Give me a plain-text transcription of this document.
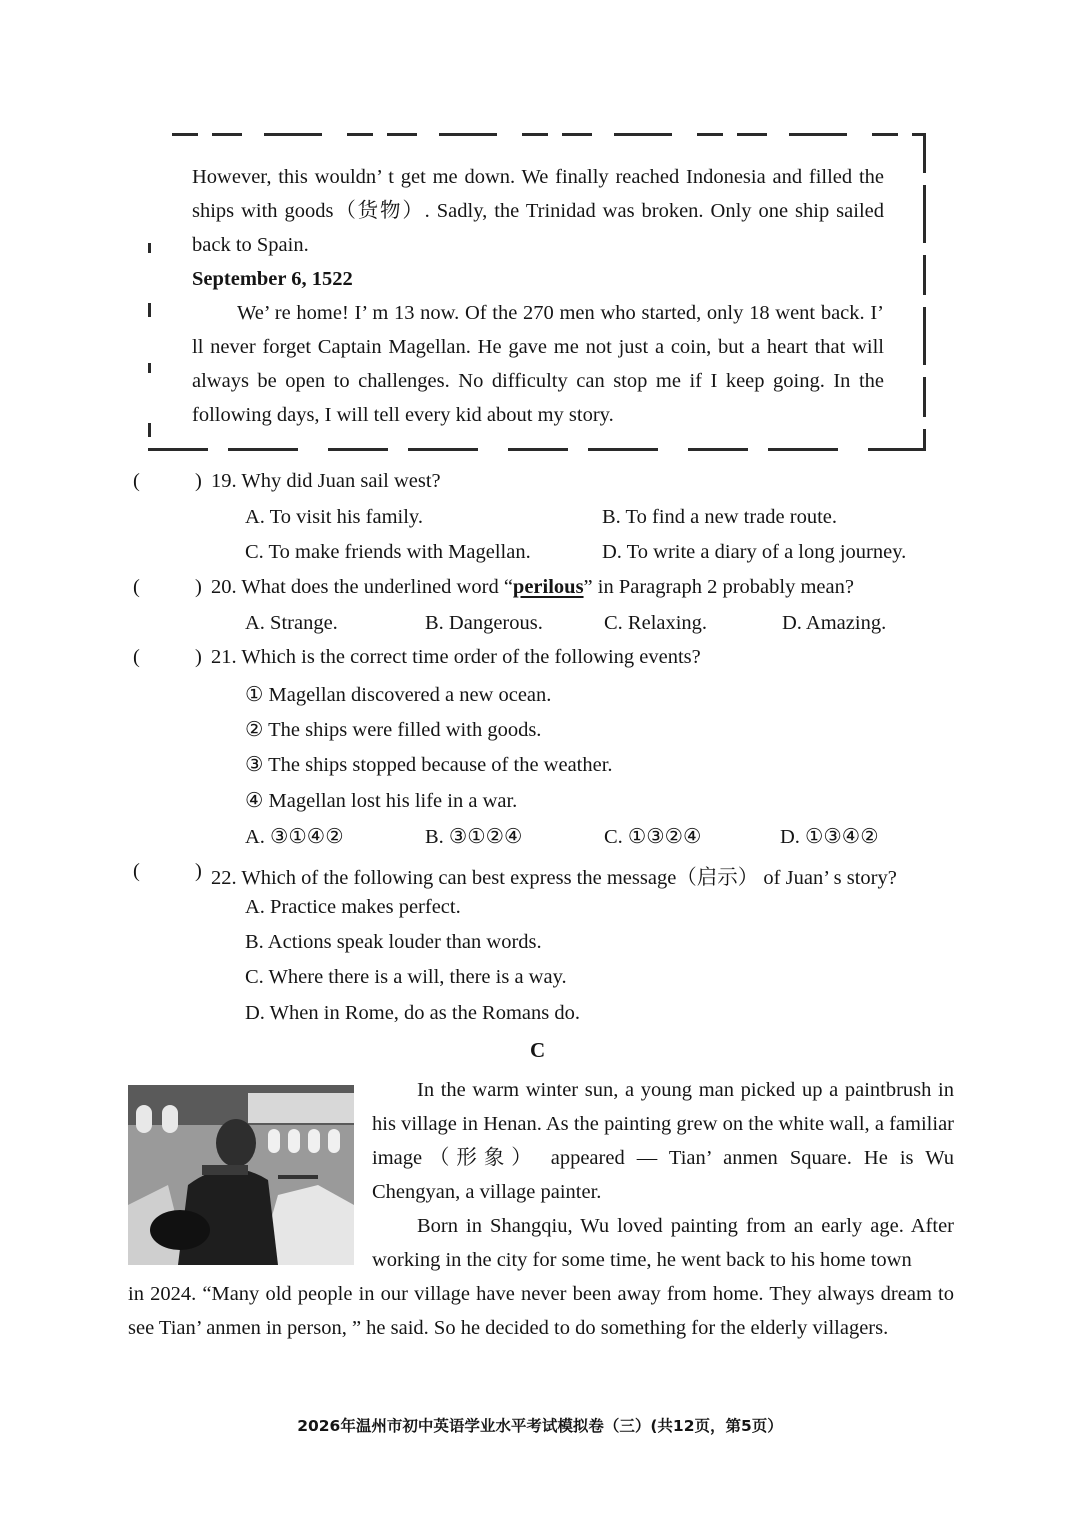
However, this wouldn’ t get me down. We finally reached Indonesia and filled the ships with goods（货物）. Sadly, the Trinidad was broken. Only one ship sailed back to Spain.

September 6, 1522

We’ re home! I’ m 13 now. Of the 270 men who started, only 18 went back. I’ ll never forget Captain Magellan. He gave me not just a coin, but a heart that will always be open to challenges. No difficulty can stop me if I keep going. In the following days, I will tell every kid about my story.

(	) 19. Why did Juan sail west?
A. To visit his family.	B. To find a new trade route.
C. To make friends with Magellan.	D. To write a diary of a long journey.
(	) 20. What does the underlined word “perilous” in Paragraph 2 probably mean?
A. Strange.	B. Dangerous.	C. Relaxing.	D. Amazing.
(	) 21. Which is the correct time order of the following events?
① Magellan discovered a new ocean.
② The ships were filled with goods.
③ The ships stopped because of the weather.
④ Magellan lost his life in a war.
A. ③①④②	B. ③①②④	C. ①③②④	D. ①③④②
(	) 22. Which of the following can best express the message（启示） of Juan’ s story?
A. Practice makes perfect.
B. Actions speak louder than words.
C. Where there is a will, there is a way.
D. When in Rome, do as the Romans do.
C
In the warm winter sun, a young man picked up a paintbrush in his village in Henan. As the painting grew on the white wall, a familiar image（形象） appeared — Tian’ anmen Square. He is Wu Chengyan, a village painter.
Born in Shangqiu, Wu loved painting from an early age. After working in the city for some time, he went back to his home town
in 2024. “Many old people in our village have never been away from home. They always dream to see Tian’ anmen in person, ” he said. So he decided to do something for the elderly villagers.
2026年温州市初中英语学业水平考试模拟卷（三）(共12页，第5页）
